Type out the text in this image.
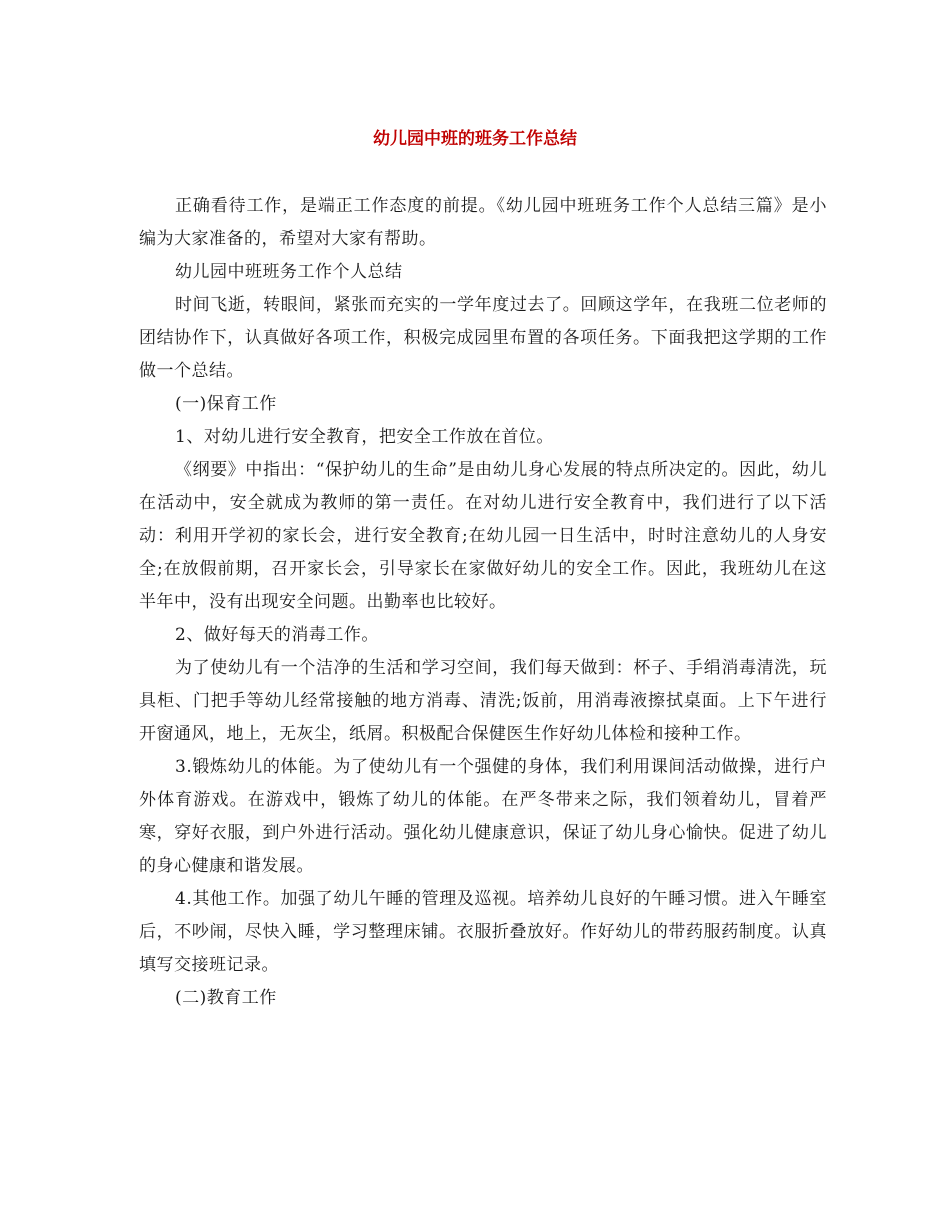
幼儿园中班的班务工作总结

正确看待工作，是端正工作态度的前提。《幼儿园中班班务工作个人总结三篇》是小编为大家准备的，希望对大家有帮助。

幼儿园中班班务工作个人总结

时间飞逝，转眼间，紧张而充实的一学年度过去了。回顾这学年，在我班二位老师的团结协作下，认真做好各项工作，积极完成园里布置的各项任务。下面我把这学期的工作做一个总结。

(一)保育工作

1、对幼儿进行安全教育，把安全工作放在首位。

《纲要》中指出：“保护幼儿的生命”是由幼儿身心发展的特点所决定的。因此，幼儿在活动中，安全就成为教师的第一责任。在对幼儿进行安全教育中，我们进行了以下活动：利用开学初的家长会，进行安全教育;在幼儿园一日生活中，时时注意幼儿的人身安全;在放假前期，召开家长会，引导家长在家做好幼儿的安全工作。因此，我班幼儿在这半年中，没有出现安全问题。出勤率也比较好。

2、做好每天的消毒工作。

为了使幼儿有一个洁净的生活和学习空间，我们每天做到：杯子、手绢消毒清洗，玩具柜、门把手等幼儿经常接触的地方消毒、清洗;饭前，用消毒液擦拭桌面。上下午进行开窗通风，地上，无灰尘，纸屑。积极配合保健医生作好幼儿体检和接种工作。

3.锻炼幼儿的体能。为了使幼儿有一个强健的身体，我们利用课间活动做操，进行户外体育游戏。在游戏中，锻炼了幼儿的体能。在严冬带来之际，我们领着幼儿，冒着严寒，穿好衣服，到户外进行活动。强化幼儿健康意识，保证了幼儿身心愉快。促进了幼儿的身心健康和谐发展。

4.其他工作。加强了幼儿午睡的管理及巡视。培养幼儿良好的午睡习惯。进入午睡室后，不吵闹，尽快入睡，学习整理床铺。衣服折叠放好。作好幼儿的带药服药制度。认真填写交接班记录。

(二)教育工作
